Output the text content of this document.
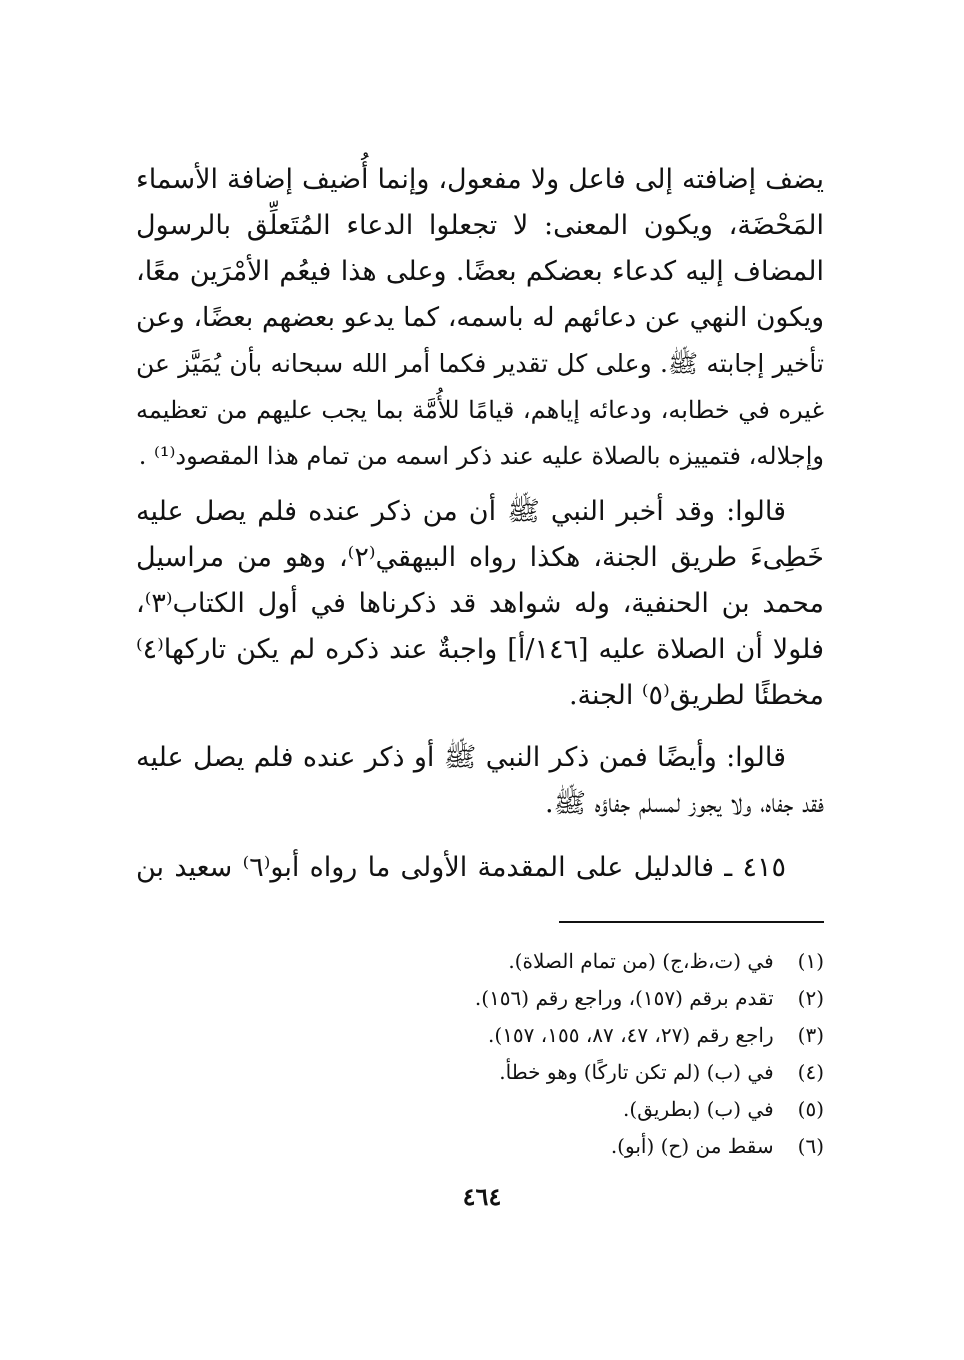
يضف إضافته إلى فاعل ولا مفعول، وإنما أُضيف إضافة الأسماء
المَحْضَة، ويكون المعنى: لا تجعلوا الدعاء المُتَعلِّق بالرسول
المضاف إليه كدعاء بعضكم بعضًا. وعلى هذا فيعُم الأمْرَين معًا،
ويكون النهي عن دعائهم له باسمه، كما يدعو بعضهم بعضًا، وعن
تأخير إجابته ﷺ. وعلى كل تقدير فكما أمر الله سبحانه بأن يُمَيَّز عن
غيره في خطابه، ودعائه إياهم، قيامًا للأُمَّة بما يجب عليهم من تعظيمه
وإجلاله، فتمييزه بالصلاة عليه عند ذكر اسمه من تمام هذا المقصود⁽¹⁾ .
قالوا: وقد أخبر النبي ﷺ أن من ذكر عنده فلم يصل عليه
خَطِىءَ طريق الجنة، هكذا رواه البيهقي⁽٢⁾، وهو من مراسيل
محمد بن الحنفية، وله شواهد قد ذكرناها في أول الكتاب⁽٣⁾،
فلولا أن الصلاة عليه [١٤٦/أ] واجبةٌ عند ذكره لم يكن تاركها⁽٤⁾
مخطئًا لطريق⁽٥⁾ الجنة.
قالوا: وأيضًا فمن ذكر النبي ﷺ أو ذكر عنده فلم يصل عليه
فقد جفاه، ولا يجوز لمسلم جفاؤه ﷺ.
٤١٥ ـ فالدليل على المقدمة الأولى ما رواه أبو⁽٦⁾ سعيد بن
(١) في (ت،ظ،ج) (من تمام الصلاة).
(٢) تقدم برقم (١٥٧)، وراجع رقم (١٥٦).
(٣) راجع رقم (٢٧، ٤٧، ٨٧، ١٥٥، ١٥٧).
(٤) في (ب) (لم تكن تاركًا) وهو خطأ.
(٥) في (ب) (بطريق).
(٦) سقط من (ح) (أبو).
٤٦٤
